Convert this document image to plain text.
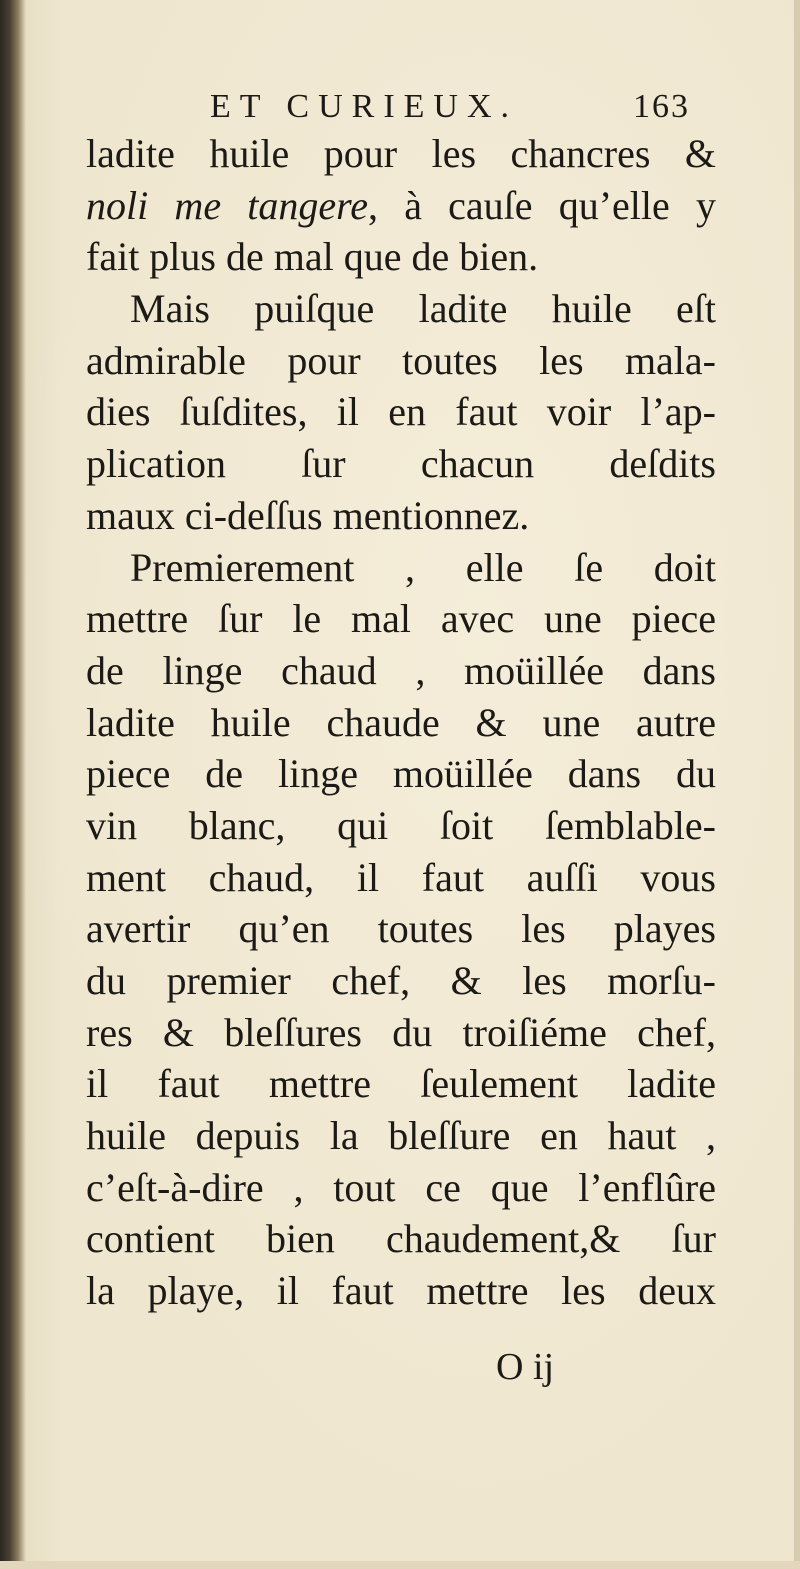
ET CURIEUX.	163
ladite huile pour les chancres &
noli me tangere, à cauſe qu’elle y
fait plus de mal que de bien.
Mais puiſque ladite huile eſt
admirable pour toutes les mala-
dies ſuſdites, il en faut voir l’ap-
plication ſur chacun deſdits
maux ci-deſſus mentionnez.
Premierement , elle ſe doit
mettre ſur le mal avec une piece
de linge chaud , moüillée dans
ladite huile chaude & une autre
piece de linge moüillée dans du
vin blanc, qui ſoit ſemblable-
ment chaud, il faut auſſi vous
avertir qu’en toutes les playes
du premier chef, & les morſu-
res & bleſſures du troiſiéme chef,
il faut mettre ſeulement ladite
huile depuis la bleſſure en haut ,
c’eſt-à-dire , tout ce que l’enflûre
contient bien chaudement,& ſur
la playe, il faut mettre les deux
O ij
